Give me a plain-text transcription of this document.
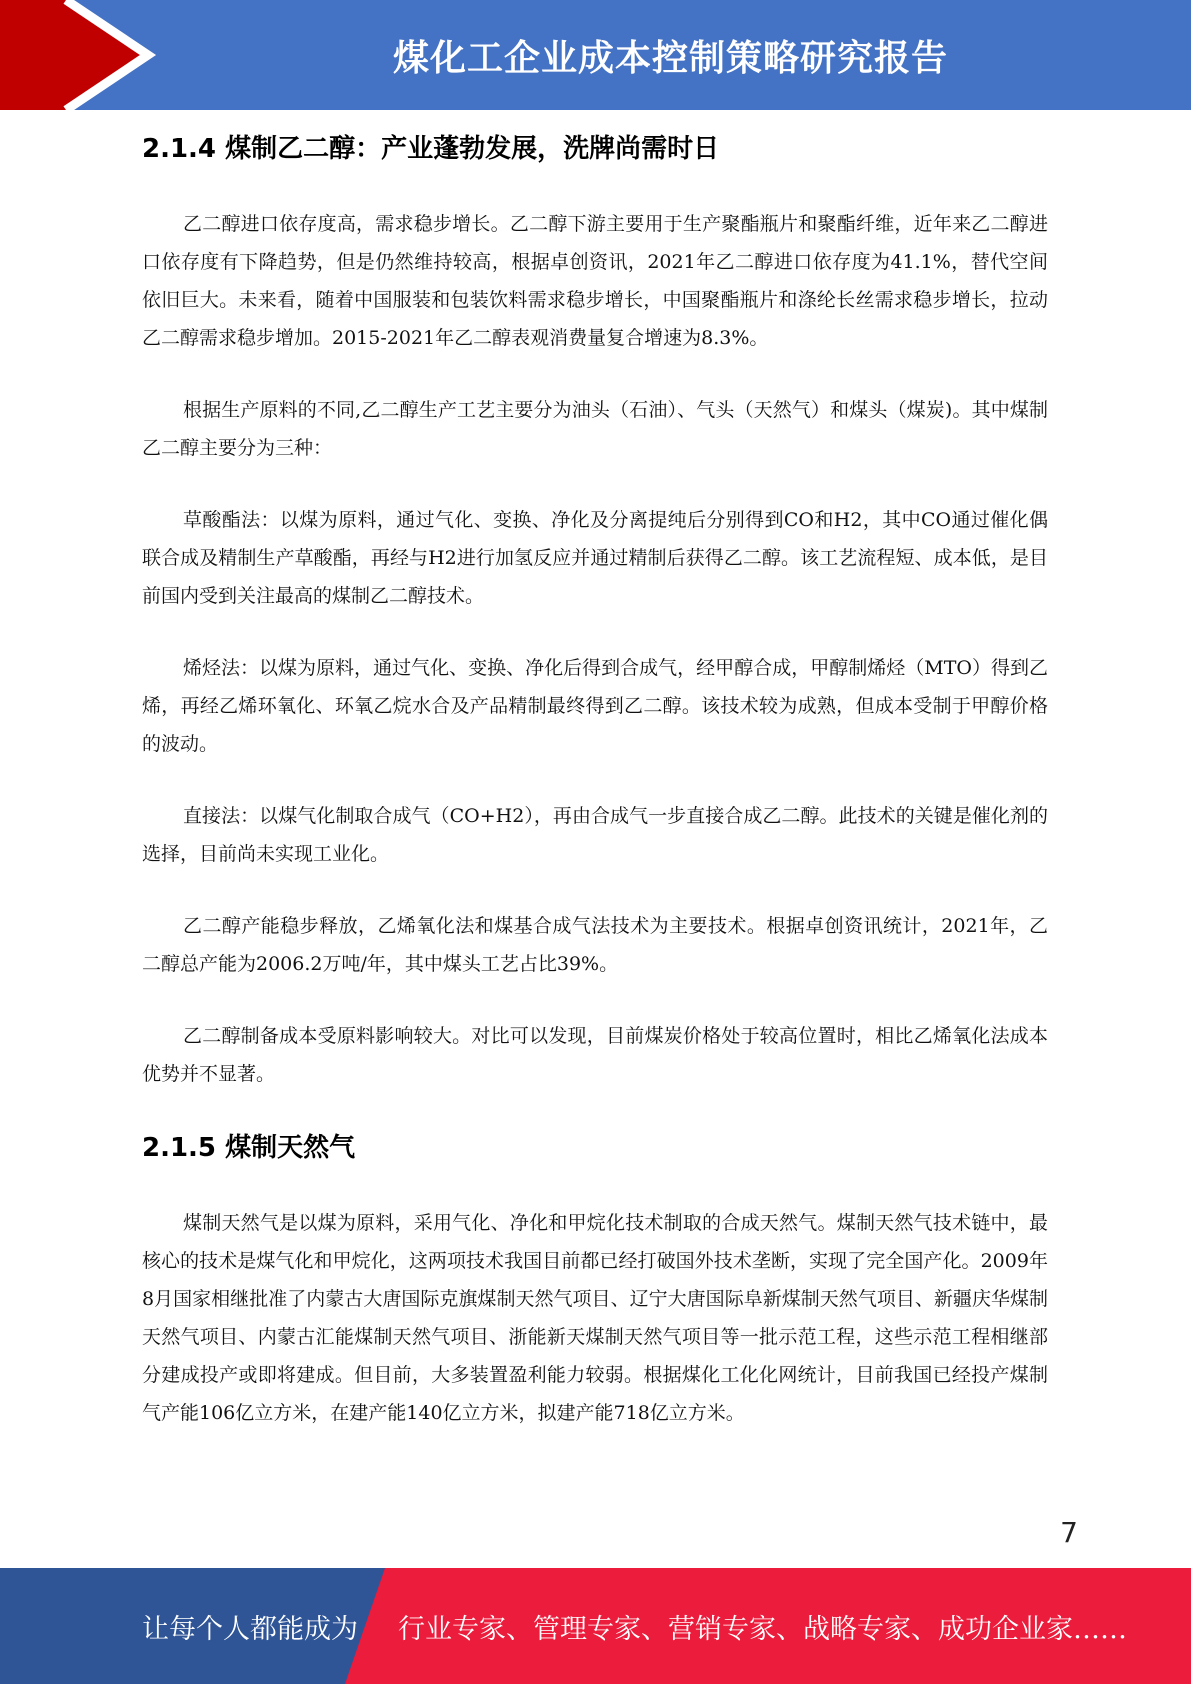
煤化工企业成本控制策略研究报告
2.1.4 煤制乙二醇：产业蓬勃发展，洗牌尚需时日

乙二醇进口依存度高，需求稳步增长。乙二醇下游主要用于生产聚酯瓶片和聚酯纤维，近年来乙二醇进口依存度有下降趋势，但是仍然维持较高，根据卓创资讯，2021年乙二醇进口依存度为41.1%，替代空间依旧巨大。未来看，随着中国服装和包装饮料需求稳步增长，中国聚酯瓶片和涤纶长丝需求稳步增长，拉动乙二醇需求稳步增加。2015-2021年乙二醇表观消费量复合增速为8.3%。

根据生产原料的不同,乙二醇生产工艺主要分为油头（石油）、气头（天然气）和煤头（煤炭)。其中煤制乙二醇主要分为三种：

草酸酯法：以煤为原料，通过气化、变换、净化及分离提纯后分别得到CO和H2，其中CO通过催化偶联合成及精制生产草酸酯，再经与H2进行加氢反应并通过精制后获得乙二醇。该工艺流程短、成本低，是目前国内受到关注最高的煤制乙二醇技术。

烯烃法：以煤为原料，通过气化、变换、净化后得到合成气，经甲醇合成，甲醇制烯烃（MTO）得到乙烯，再经乙烯环氧化、环氧乙烷水合及产品精制最终得到乙二醇。该技术较为成熟，但成本受制于甲醇价格的波动。

直接法：以煤气化制取合成气（CO+H2），再由合成气一步直接合成乙二醇。此技术的关键是催化剂的选择，目前尚未实现工业化。

乙二醇产能稳步释放，乙烯氧化法和煤基合成气法技术为主要技术。根据卓创资讯统计，2021年，乙二醇总产能为2006.2万吨/年，其中煤头工艺占比39%。

乙二醇制备成本受原料影响较大。对比可以发现，目前煤炭价格处于较高位置时，相比乙烯氧化法成本优势并不显著。

2.1.5 煤制天然气

煤制天然气是以煤为原料，采用气化、净化和甲烷化技术制取的合成天然气。煤制天然气技术链中，最核心的技术是煤气化和甲烷化，这两项技术我国目前都已经打破国外技术垄断，实现了完全国产化。2009年8月国家相继批准了内蒙古大唐国际克旗煤制天然气项目、辽宁大唐国际阜新煤制天然气项目、新疆庆华煤制天然气项目、内蒙古汇能煤制天然气项目、浙能新天煤制天然气项目等一批示范工程，这些示范工程相继部分建成投产或即将建成。但目前，大多装置盈利能力较弱。根据煤化工化化网统计，目前我国已经投产煤制气产能106亿立方米，在建产能140亿立方米，拟建产能718亿立方米。

7
让每个人都能成为 行业专家、管理专家、营销专家、战略专家、成功企业家……
